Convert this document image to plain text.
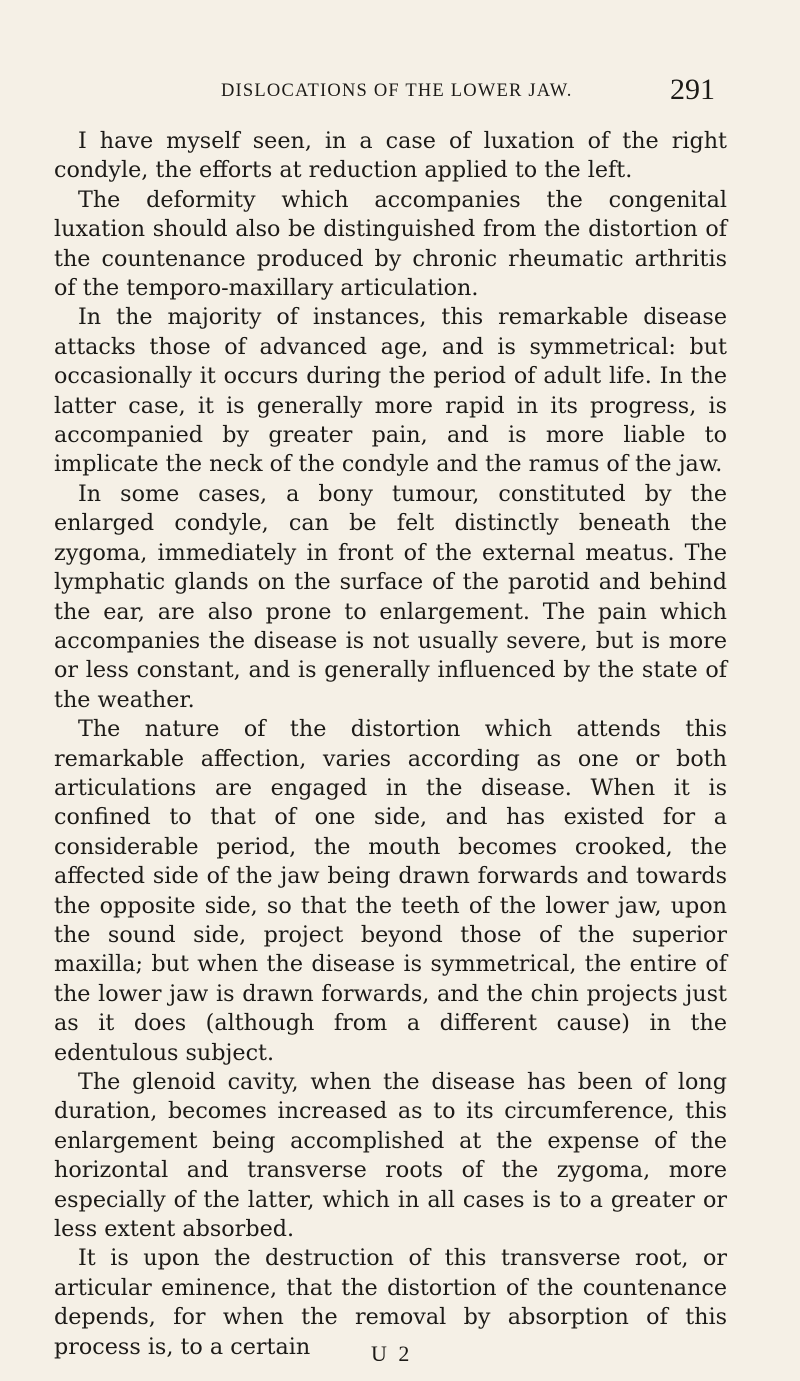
DISLOCATIONS OF THE LOWER JAW.	291

I have myself seen, in a case of luxation of the right condyle, the efforts at reduction applied to the left.

The deformity which accompanies the congenital luxation should also be distinguished from the distortion of the countenance produced by chronic rheumatic arthritis of the temporo-maxillary articulation.

In the majority of instances, this remarkable disease attacks those of advanced age, and is symmetrical: but occasionally it occurs during the period of adult life. In the latter case, it is generally more rapid in its progress, is accompanied by greater pain, and is more liable to implicate the neck of the condyle and the ramus of the jaw.

In some cases, a bony tumour, constituted by the enlarged condyle, can be felt distinctly beneath the zygoma, immediately in front of the external meatus. The lymphatic glands on the surface of the parotid and behind the ear, are also prone to enlargement. The pain which accompanies the disease is not usually severe, but is more or less constant, and is generally influenced by the state of the weather.

The nature of the distortion which attends this remarkable affection, varies according as one or both articulations are engaged in the disease. When it is confined to that of one side, and has existed for a considerable period, the mouth becomes crooked, the affected side of the jaw being drawn forwards and towards the opposite side, so that the teeth of the lower jaw, upon the sound side, project beyond those of the superior maxilla; but when the disease is symmetrical, the entire of the lower jaw is drawn forwards, and the chin projects just as it does (although from a different cause) in the edentulous subject.

The glenoid cavity, when the disease has been of long duration, becomes increased as to its circumference, this enlargement being accomplished at the expense of the horizontal and transverse roots of the zygoma, more especially of the latter, which in all cases is to a greater or less extent absorbed.

It is upon the destruction of this transverse root, or articular eminence, that the distortion of the countenance depends, for when the removal by absorption of this process is, to a certain	U 2
